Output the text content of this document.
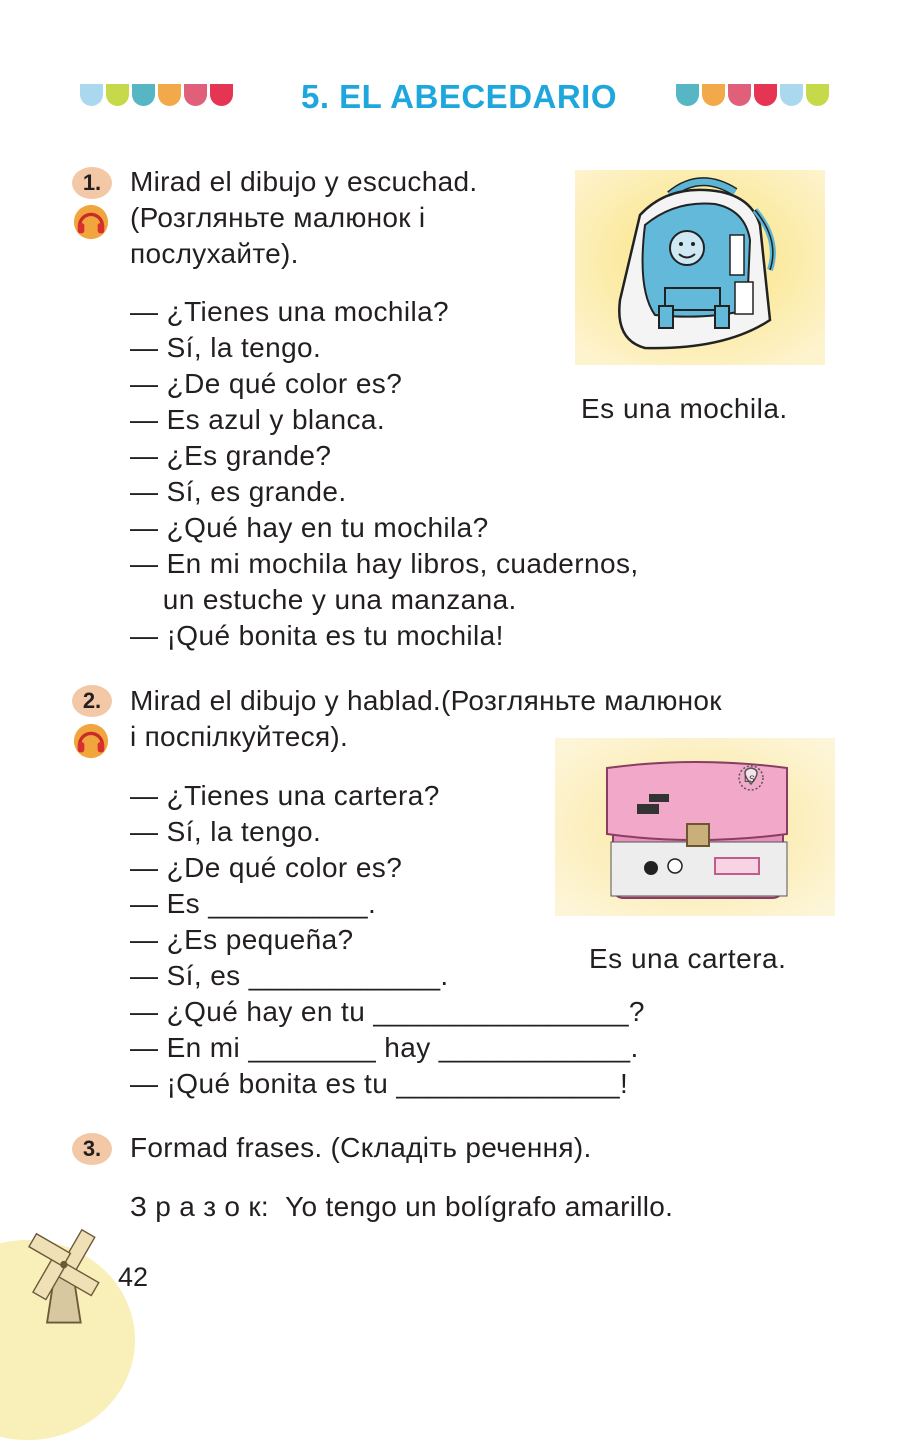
5. EL ABECEDARIO
1.	Mirad el dibujo y escuchad.
(Розгляньте малюнок і
послухайте).
— ¿Tienes una mochila?
— Sí, la tengo.
— ¿De qué color es?
— Es azul y blanca.
— ¿Es grande?
— Sí, es grande.
— ¿Qué hay en tu mochila?
— En mi mochila hay libros, cuadernos,
un estuche y una manzana.
— ¡Qué bonita es tu mochila!
Es una mochila.
2.	Mirad el dibujo y hablad.(Розгляньте малюнок
і поспілкуйтеся).
— ¿Tienes una cartera?
— Sí, la tengo.
— ¿De qué color es?
— Es __________.
— ¿Es pequeña?
— Sí, es ____________.
— ¿Qué hay en tu ________________?
— En mi ________ hay ____________.
— ¡Qué bonita es tu ______________!
LS
Es una cartera.
3.	Formad frases. (Складіть речення).
З р а з о к:  Yo tengo un bolígrafo amarillo.
42
